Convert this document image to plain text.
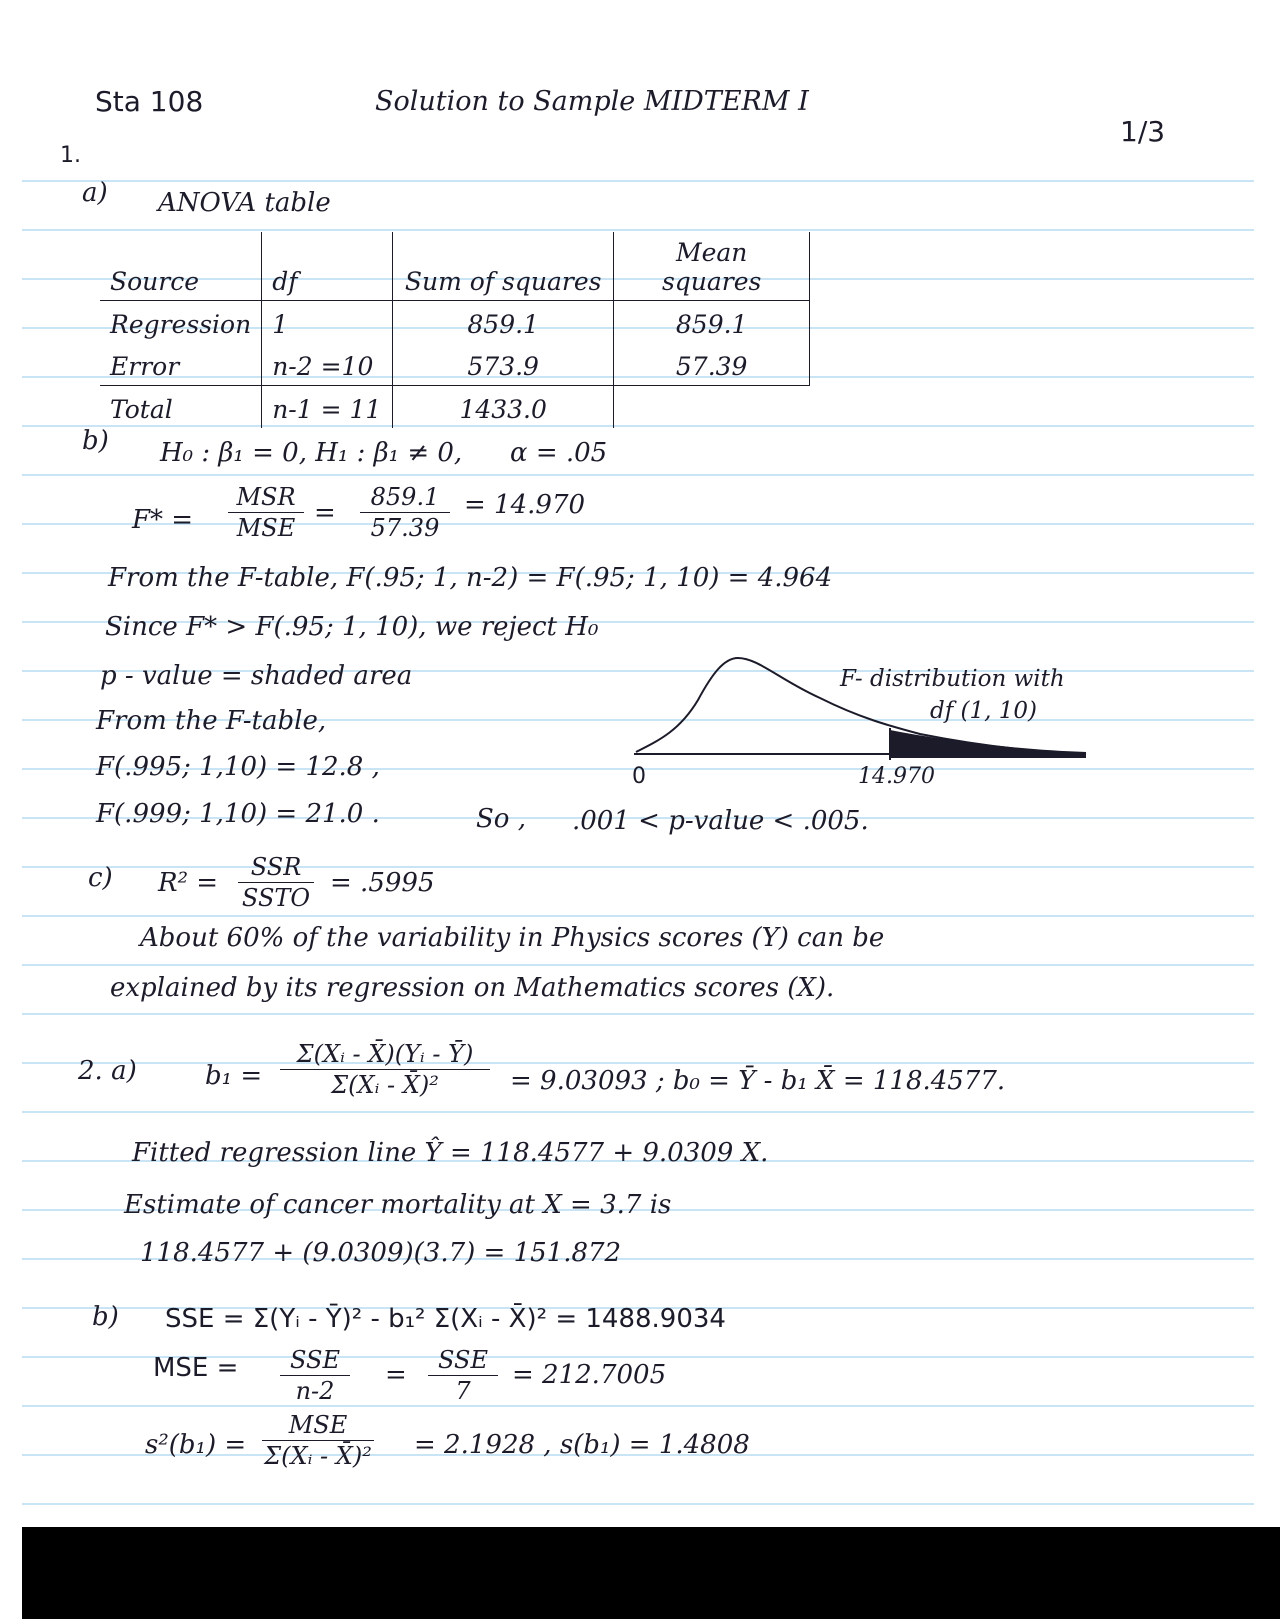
Sta 108	Solution to Sample MIDTERM I
1/3
1.
a) ANOVA table
Source	df	Sum of squares	Mean squares
Regression	1	859.1	859.1
Error	n-2 =10	573.9	57.39
Total	n-1 = 11	1433.0	
b) H₀ : β₁ = 0, H₁ : β₁ ≠ 0, α = .05
F* =
MSR
MSE = $\frac{859.1}{57.39} = 14.970$
From the F-table, F(.95; 1, n-2) = F(.95; 1, 10) = 4.964
Since F* > F(.95; 1, 10), we reject H₀
p - value = shaded area
From the F-table,
F(.995; 1,10) = 12.8 ,
F(.999; 1,10) = 21.0 .	So , .001 < p-value < .005.
0	14.970
F- distribution with
df (1, 10)
c) R² =
SSR
SSTO = .5995
About 60% of the variability in Physics scores (Y) can be
explained by its regression on Mathematics scores (X).
2. a)	$b_1 = \frac{\text{Σ(Xᵢ - X̄)(Yᵢ - Ȳ)}}{\text{Σ(Xᵢ - X̄)²}} = 9.03093$ ; b₀ = Ȳ - b₁ X̄ = 118.4577.
Fitted regression line Ŷ = 118.4577 + 9.0309 X.
Estimate of cancer mortality at X = 3.7 is
118.4577 + (9.0309)(3.7) = 151.872
b) SSE = Σ(Yᵢ - Ȳ)² - b₁² Σ(Xᵢ - X̄)² = 1488.9034
MSE =	SSE
n-2
=	SSE
7
= 212.7005
s²(b₁) =
MSE
Σ(Xᵢ - X̄)² = 2.1928 , s(b₁) = 1.4808
